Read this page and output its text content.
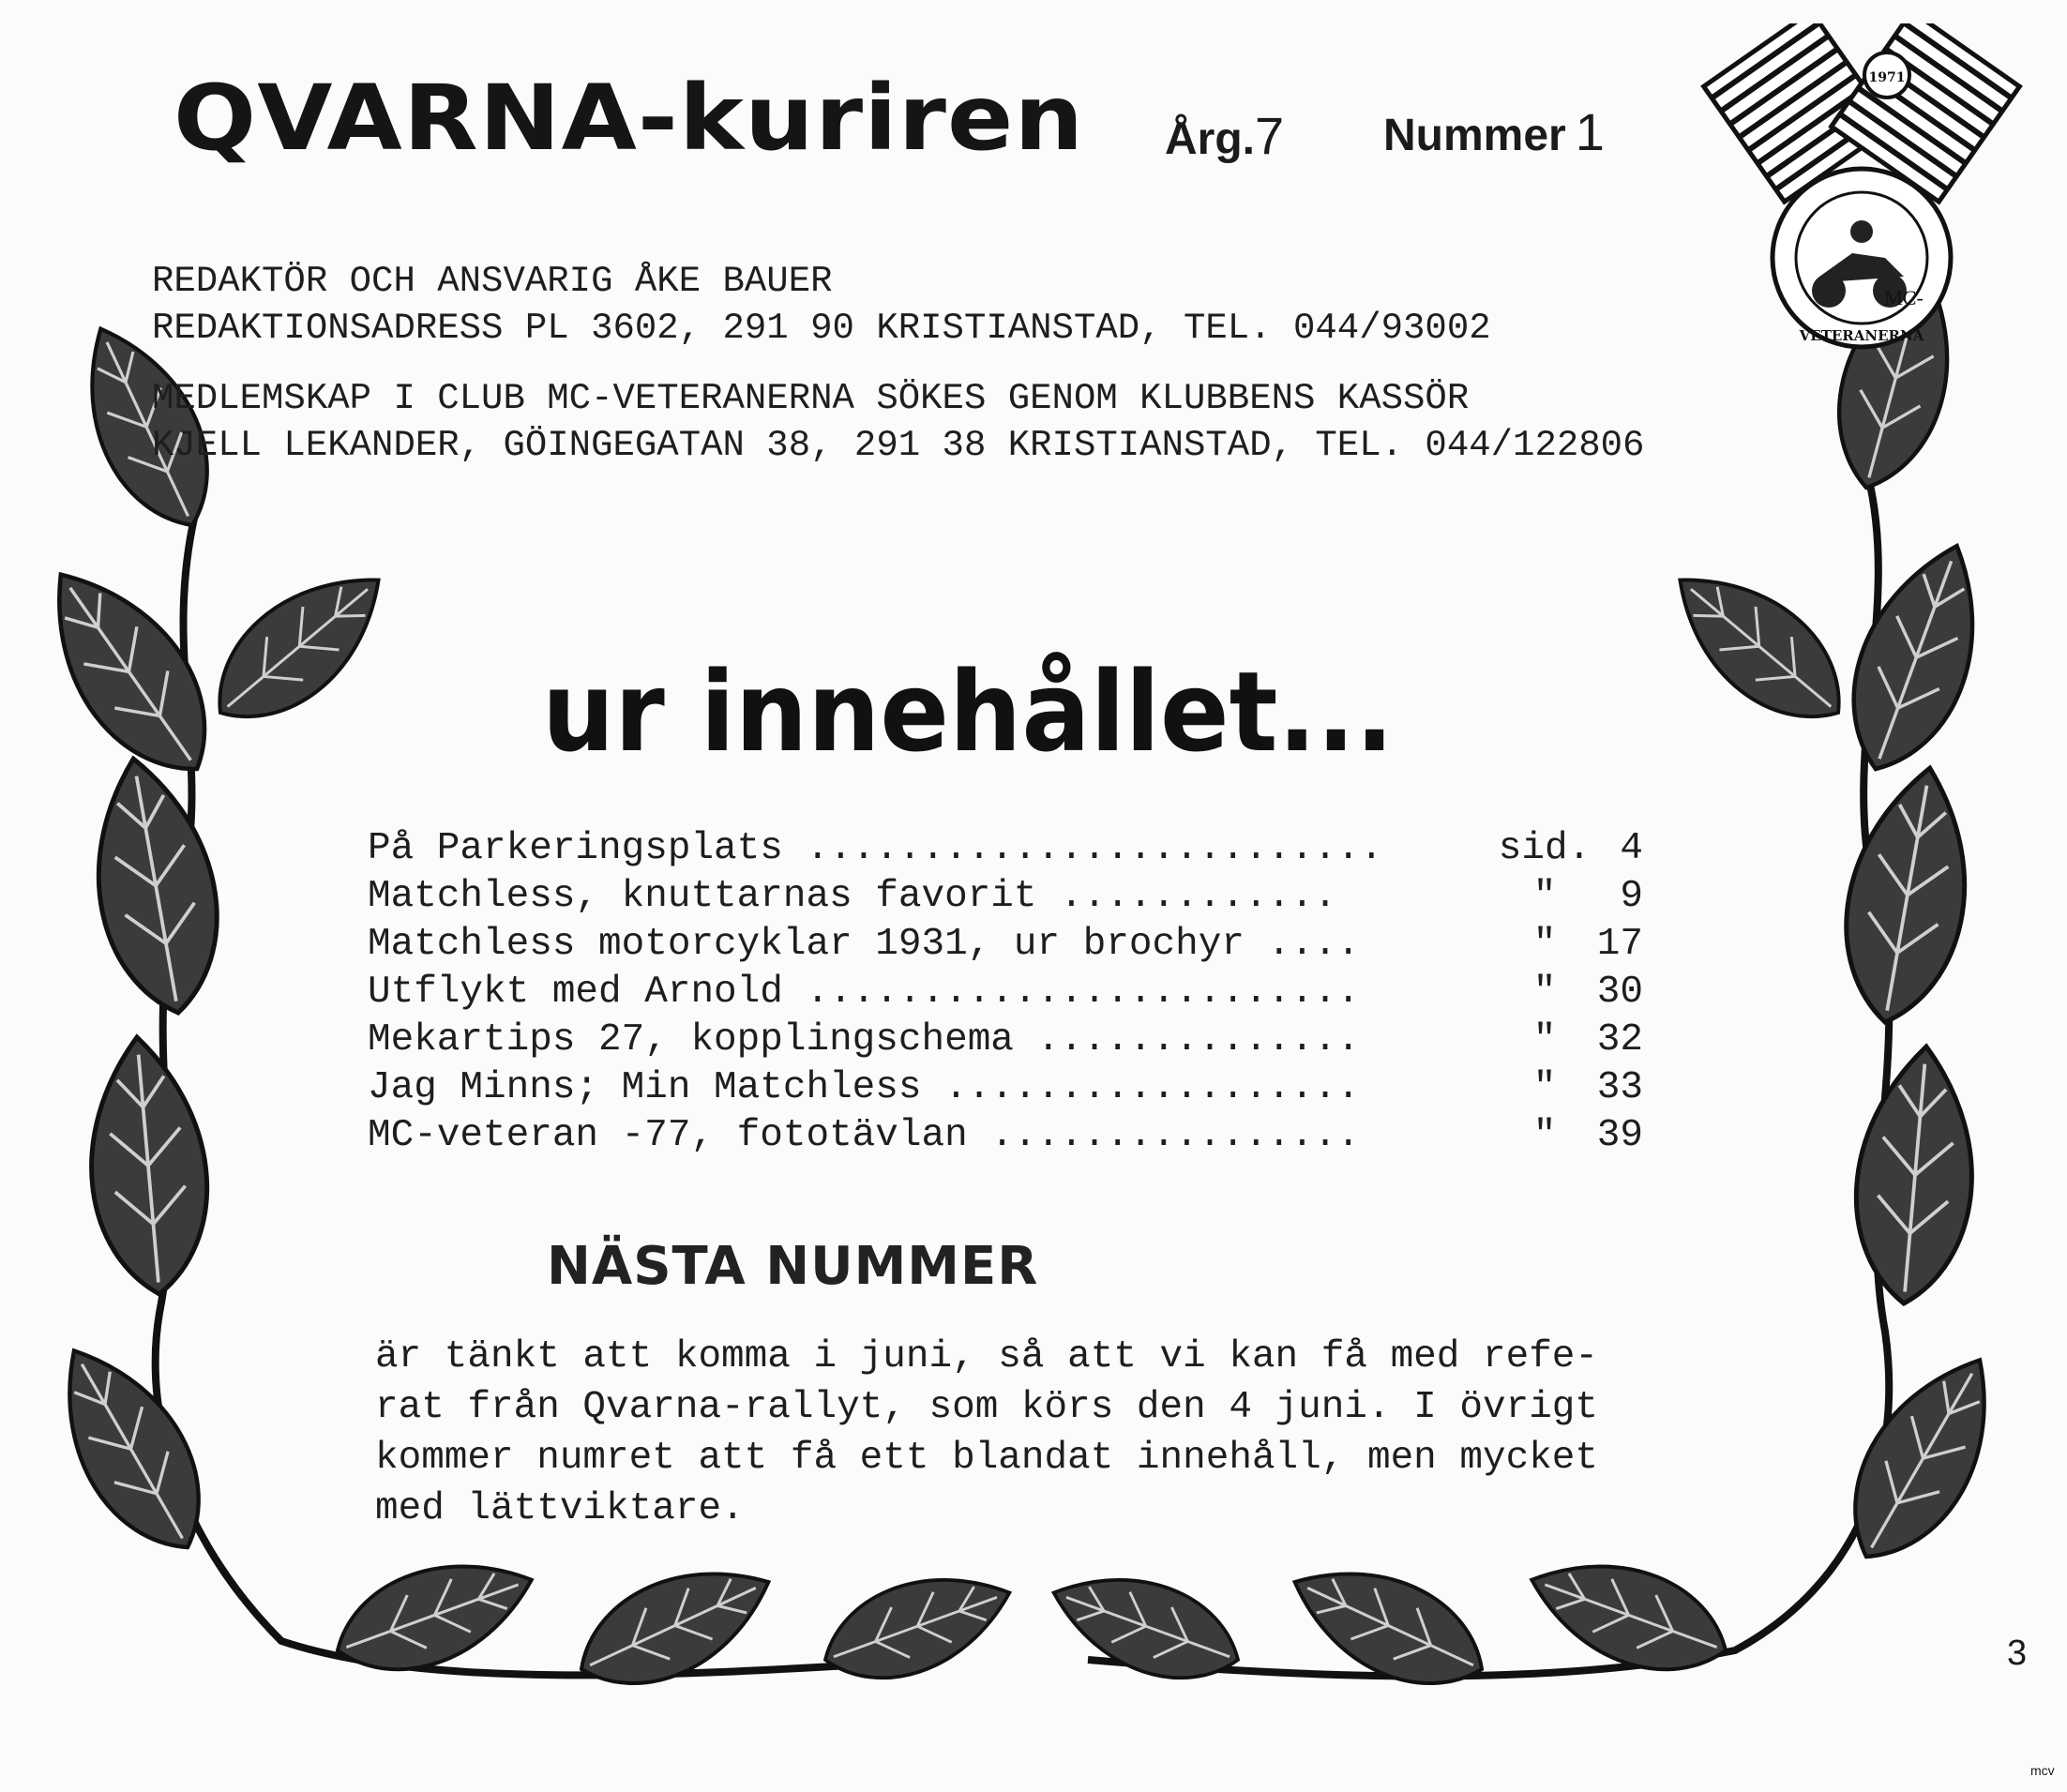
1971
MC-
VETERANERNA
QVARNA-kuriren Årg.7 Nummer 1
REDAKTÖR OCH ANSVARIG ÅKE BAUER
REDAKTIONSADRESS PL 3602, 291 90 KRISTIANSTAD, TEL. 044/93002
MEDLEMSKAP I CLUB MC-VETERANERNA SÖKES GENOM KLUBBENS KASSÖR
KJELL LEKANDER, GÖINGEGATAN 38, 291 38 KRISTIANSTAD, TEL. 044/122806
ur innehållet...
På Parkeringsplats .........................	sid. 4
Matchless, knuttarnas favorit ............	"	9
Matchless motorcyklar 1931, ur brochyr ....	"	17
Utflykt med Arnold ........................	"	30
Mekartips 27, kopplingschema ..............	"	32
Jag Minns; Min Matchless ..................	"	33
MC-veteran -77, fototävlan ................	"	39
NÄSTA NUMMER
är tänkt att komma i juni, så att vi kan få med refe-
rat från Qvarna-rallyt, som körs den 4 juni. I övrigt
kommer numret att få ett blandat innehåll, men mycket
med lättviktare.
3
mcv
